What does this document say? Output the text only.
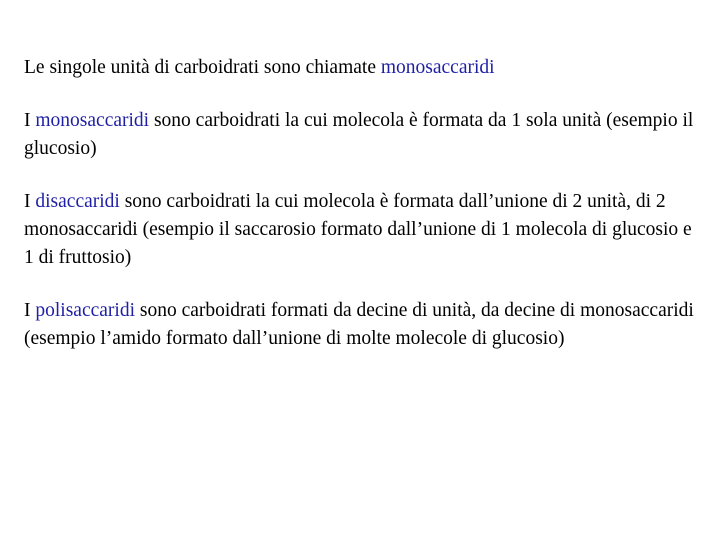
Le singole unità di carboidrati sono chiamate monosaccaridi

I monosaccaridi sono carboidrati la cui molecola è formata da 1 sola unità (esempio il glucosio)

I disaccaridi sono carboidrati la cui molecola è formata dall’unione di 2 unità, di 2 monosaccaridi (esempio il saccarosio formato dall’unione di 1 molecola di glucosio e 1 di fruttosio)

I polisaccaridi sono carboidrati formati da decine di unità, da decine di monosaccaridi (esempio l’amido formato dall’unione di molte molecole di glucosio)
